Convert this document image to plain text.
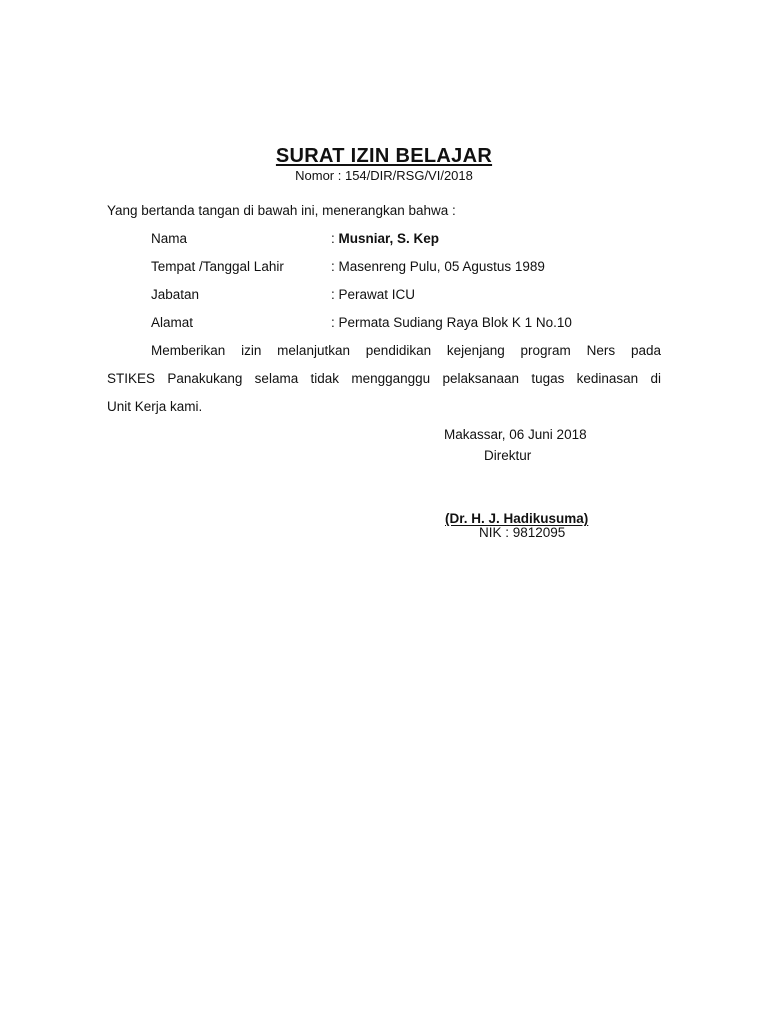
SURAT IZIN BELAJAR
Nomor : 154/DIR/RSG/VI/2018
Yang bertanda tangan di bawah ini, menerangkan bahwa :
Nama	: Musniar, S. Kep
Tempat /Tanggal Lahir	: Masenreng Pulu, 05 Agustus 1989
Jabatan	: Perawat ICU
Alamat	: Permata Sudiang Raya Blok K 1 No.10
Memberikan izin melanjutkan pendidikan kejenjang program Ners pada
STIKES Panakukang selama tidak mengganggu pelaksanaan tugas kedinasan di
Unit Kerja kami.
Makassar, 06 Juni 2018
Direktur
(Dr. H. J. Hadikusuma)
NIK : 9812095
